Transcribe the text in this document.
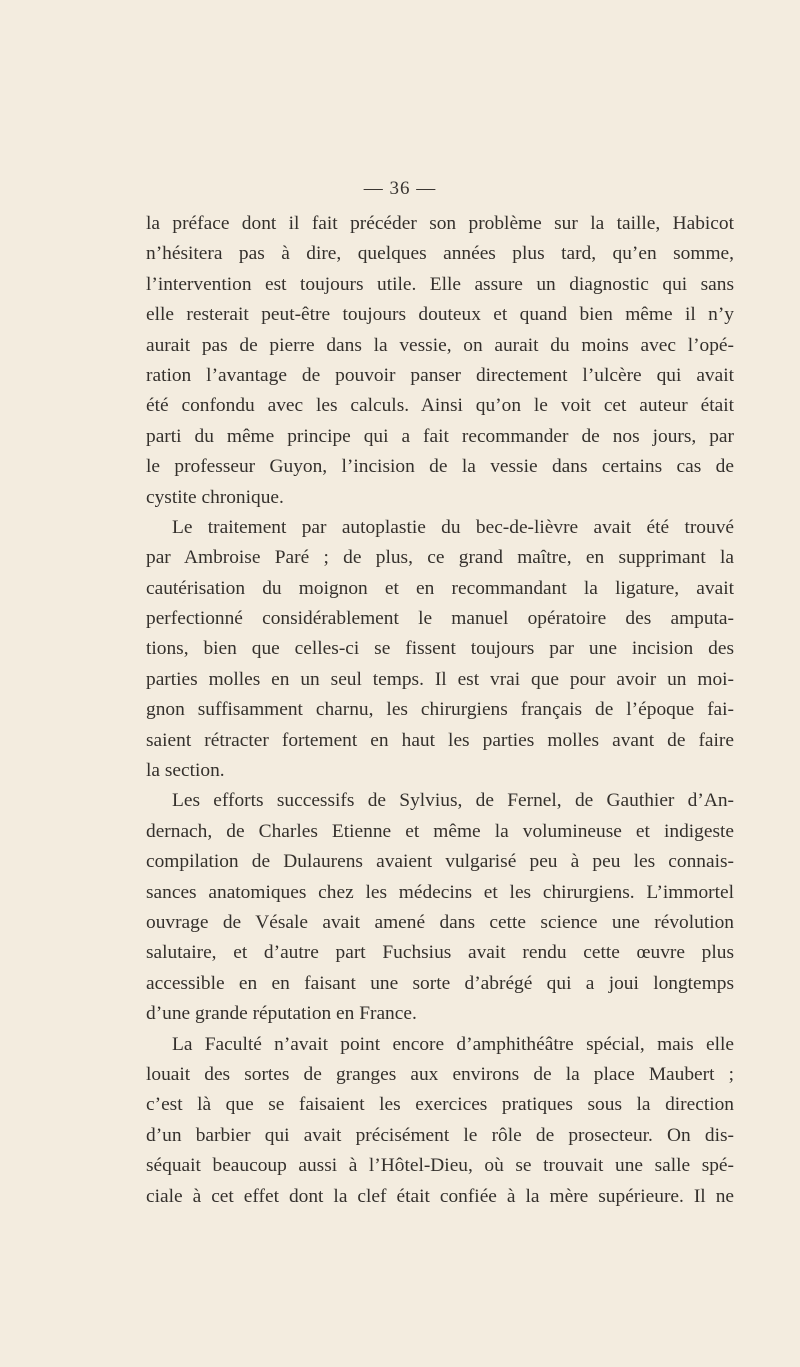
— 36 —
la préface dont il fait précéder son problème sur la taille, Habicot
n’hésitera pas à dire, quelques années plus tard, qu’en somme,
l’intervention est toujours utile. Elle assure un diagnostic qui sans
elle resterait peut-être toujours douteux et quand bien même il n’y
aurait pas de pierre dans la vessie, on aurait du moins avec l’opé-
ration l’avantage de pouvoir panser directement l’ulcère qui avait
été confondu avec les calculs. Ainsi qu’on le voit cet auteur était
parti du même principe qui a fait recommander de nos jours, par
le professeur Guyon, l’incision de la vessie dans certains cas de
cystite chronique.
Le traitement par autoplastie du bec-de-lièvre avait été trouvé
par Ambroise Paré ; de plus, ce grand maître, en supprimant la
cautérisation du moignon et en recommandant la ligature, avait
perfectionné considérablement le manuel opératoire des amputa-
tions, bien que celles-ci se fissent toujours par une incision des
parties molles en un seul temps. Il est vrai que pour avoir un moi-
gnon suffisamment charnu, les chirurgiens français de l’époque fai-
saient rétracter fortement en haut les parties molles avant de faire
la section.
Les efforts successifs de Sylvius, de Fernel, de Gauthier d’An-
dernach, de Charles Etienne et même la volumineuse et indigeste
compilation de Dulaurens avaient vulgarisé peu à peu les connais-
sances anatomiques chez les médecins et les chirurgiens. L’immortel
ouvrage de Vésale avait amené dans cette science une révolution
salutaire, et d’autre part Fuchsius avait rendu cette œuvre plus
accessible en en faisant une sorte d’abrégé qui a joui longtemps
d’une grande réputation en France.
La Faculté n’avait point encore d’amphithéâtre spécial, mais elle
louait des sortes de granges aux environs de la place Maubert ;
c’est là que se faisaient les exercices pratiques sous la direction
d’un barbier qui avait précisément le rôle de prosecteur. On dis-
séquait beaucoup aussi à l’Hôtel-Dieu, où se trouvait une salle spé-
ciale à cet effet dont la clef était confiée à la mère supérieure. Il ne
